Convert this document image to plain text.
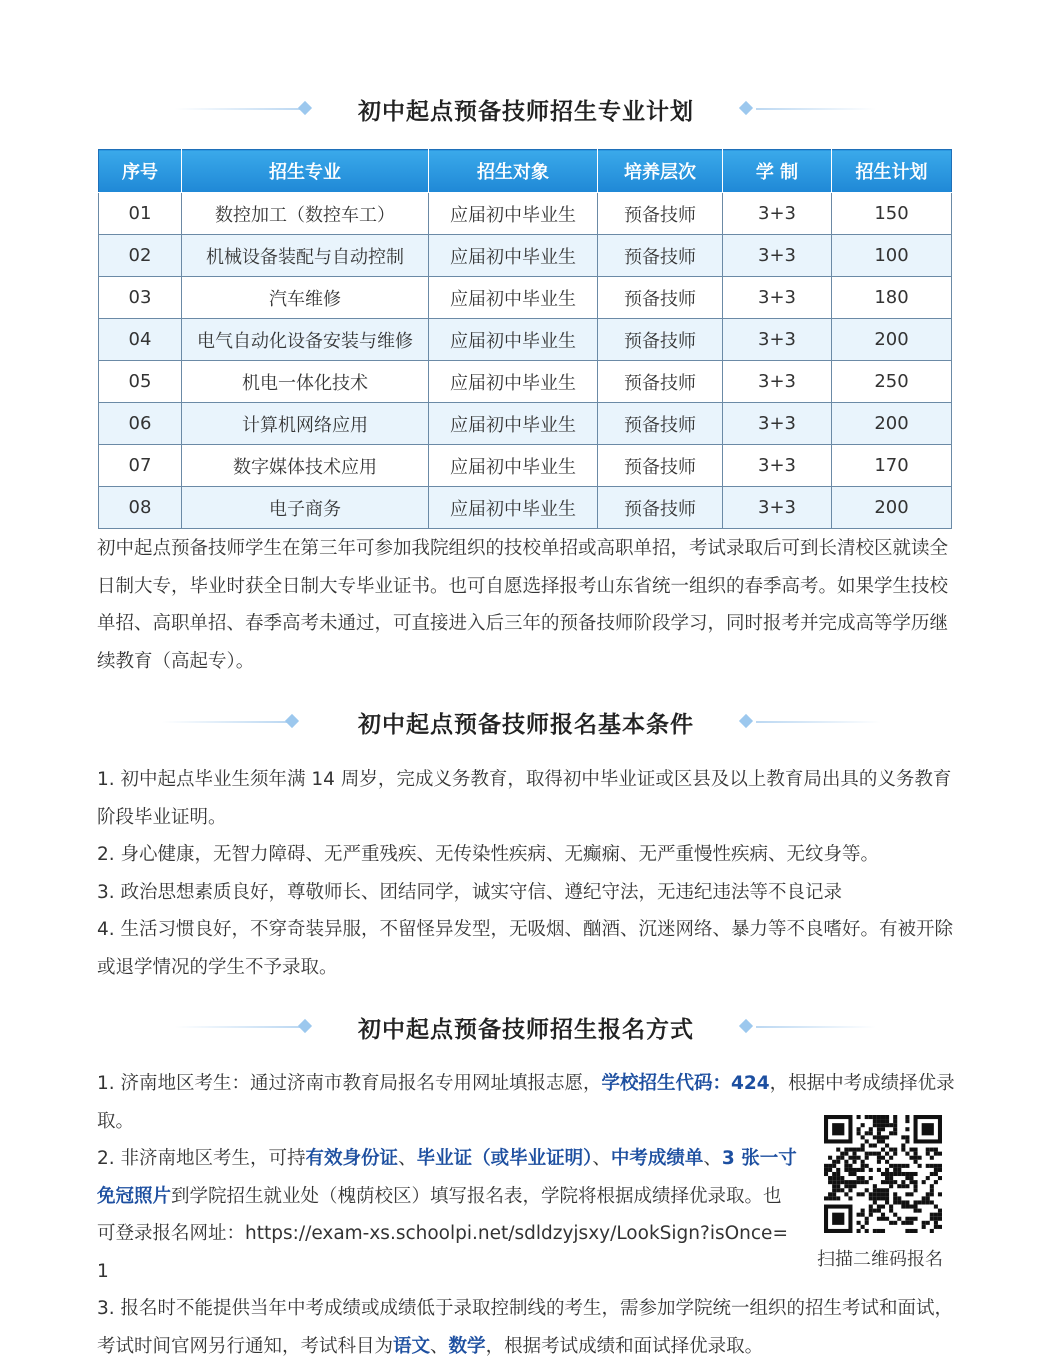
初中起点预备技师招生专业计划
序号	招生专业	招生对象	培养层次	学 制	招生计划
01	数控加工（数控车工）	应届初中毕业生	预备技师	3+3	150
02	机械设备装配与自动控制	应届初中毕业生	预备技师	3+3	100
03	汽车维修	应届初中毕业生	预备技师	3+3	180
04	电气自动化设备安装与维修	应届初中毕业生	预备技师	3+3	200
05	机电一体化技术	应届初中毕业生	预备技师	3+3	250
06	计算机网络应用	应届初中毕业生	预备技师	3+3	200
07	数字媒体技术应用	应届初中毕业生	预备技师	3+3	170
08	电子商务	应届初中毕业生	预备技师	3+3	200
初中起点预备技师学生在第三年可参加我院组织的技校单招或高职单招，考试录取后可到长清校区就读全日制大专，毕业时获全日制大专毕业证书。也可自愿选择报考山东省统一组织的春季高考。如果学生技校单招、高职单招、春季高考未通过，可直接进入后三年的预备技师阶段学习，同时报考并完成高等学历继续教育（高起专）。
初中起点预备技师报名基本条件
1. 初中起点毕业生须年满 14 周岁，完成义务教育，取得初中毕业证或区县及以上教育局出具的义务教育阶段毕业证明。
2. 身心健康，无智力障碍、无严重残疾、无传染性疾病、无癫痫、无严重慢性疾病、无纹身等。
3. 政治思想素质良好，尊敬师长、团结同学，诚实守信、遵纪守法，无违纪违法等不良记录
4. 生活习惯良好，不穿奇装异服，不留怪异发型，无吸烟、酗酒、沉迷网络、暴力等不良嗜好。有被开除或退学情况的学生不予录取。
初中起点预备技师招生报名方式
1. 济南地区考生：通过济南市教育局报名专用网址填报志愿，学校招生代码：424，根据中考成绩择优录取。
2. 非济南地区考生，可持有效身份证、毕业证（或毕业证明）、中考成绩单、3 张一寸免冠照片到学院招生就业处（槐荫校区）填写报名表，学院将根据成绩择优录取。也可登录报名网址：https://exam-xs.schoolpi.net/sdldzyjsxy/LookSign?isOnce=1
扫描二维码报名
3. 报名时不能提供当年中考成绩或成绩低于录取控制线的考生，需参加学院统一组织的招生考试和面试，考试时间官网另行通知，考试科目为语文、数学，根据考试成绩和面试择优录取。
